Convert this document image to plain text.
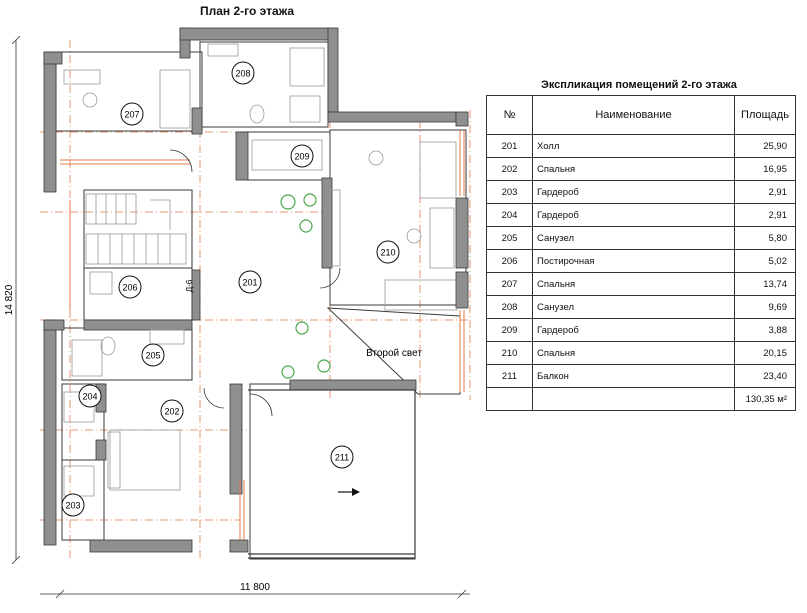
201
202
203
204
205
206
207
208
209
210
211
11 800
14 820
Второй свет
Д-6
План 2-го этажа
Экспликация помещений 2-го этажа
№	Наименование	Площадь
201	Холл	25,90
202	Спальня	16,95
203	Гардероб	2,91
204	Гардероб	2,91
205	Санузел	5,80
206	Постирочная	5,02
207	Спальня	13,74
208	Санузел	9,69
209	Гардероб	3,88
210	Спальня	20,15
211	Балкон	23,40
		130,35 м²
